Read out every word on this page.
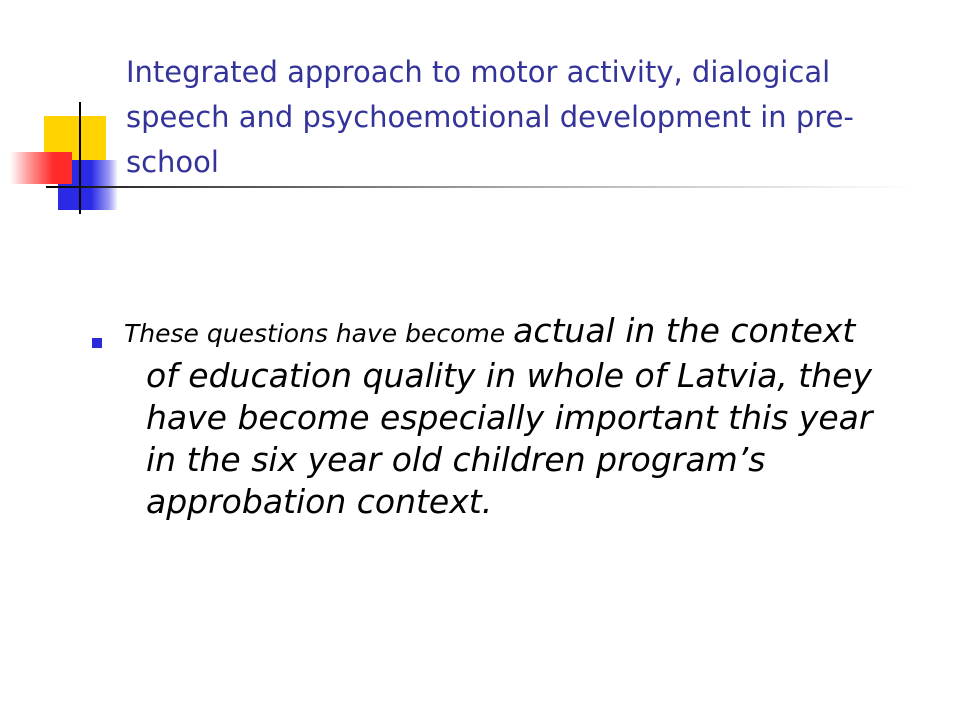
Integrated approach to motor activity, dialogical speech and psychoemotional development in pre-school

These questions have become actual in the context of education quality in whole of Latvia, they have become especially important this year in the six year old children program’s approbation context.
